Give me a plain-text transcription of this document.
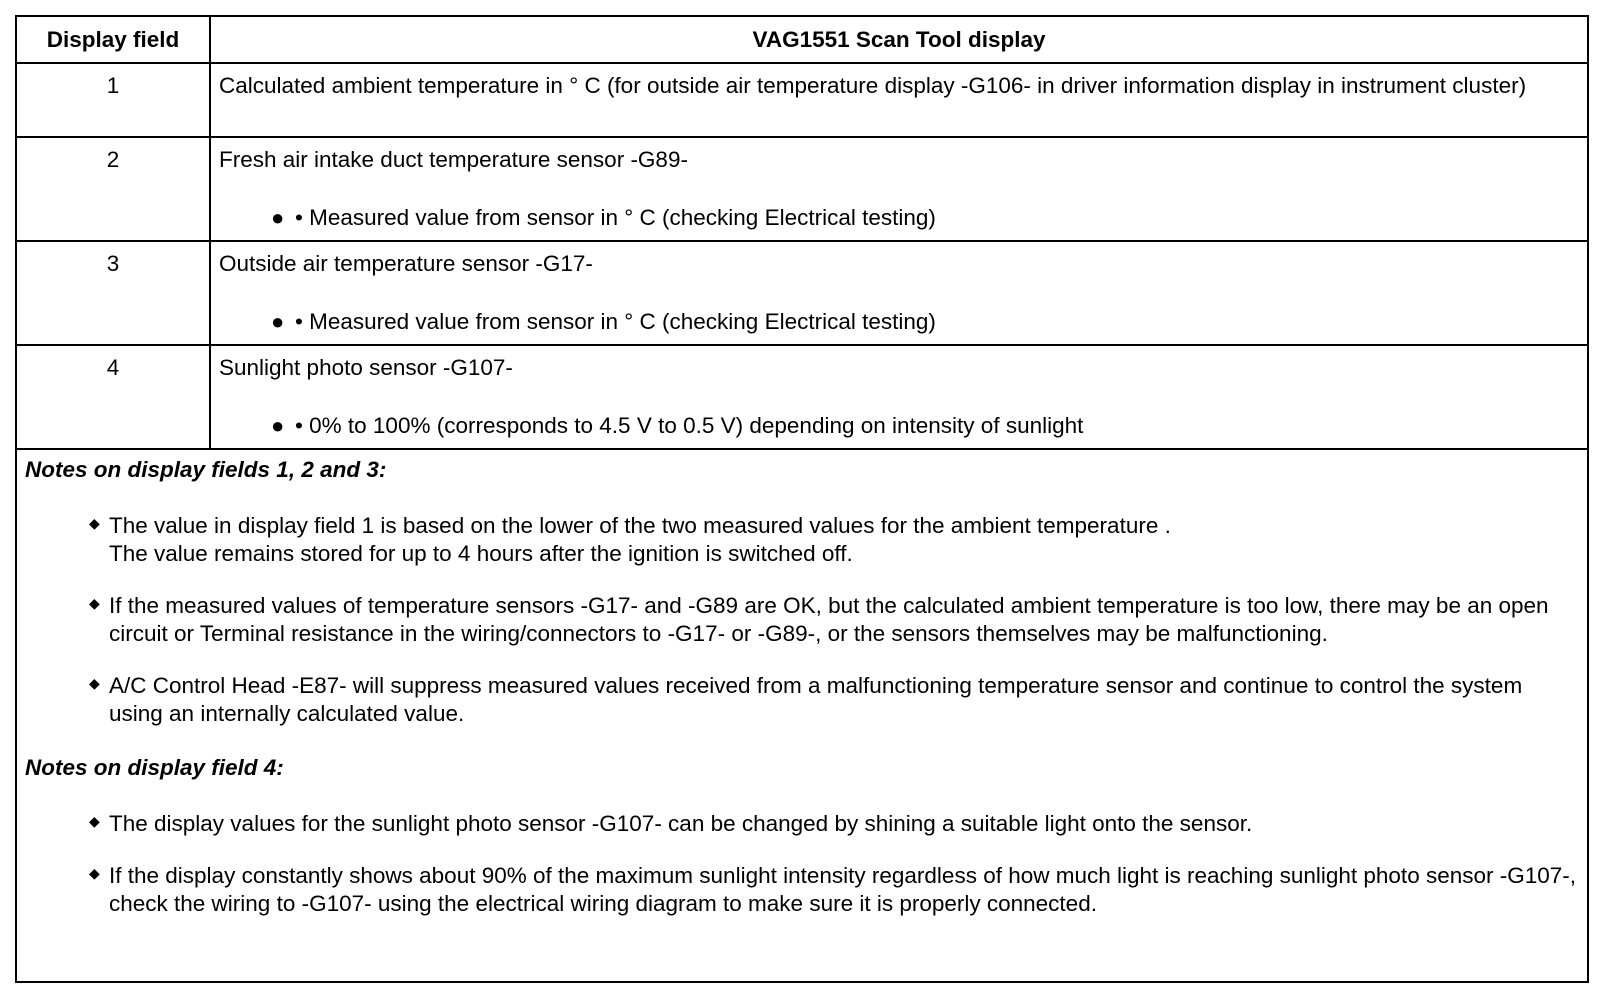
Display field	VAG1551 Scan Tool display
1	Calculated ambient temperature in ° C (for outside air temperature display -G106- in driver information display in instrument cluster)

2	Fresh air intake duct temperature sensor -G89-
● • Measured value from sensor in ° C (checking Electrical testing)

3	Outside air temperature sensor -G17-
● • Measured value from sensor in ° C (checking Electrical testing)

4	Sunlight photo sensor -G107-
● • 0% to 100% (corresponds to 4.5 V to 0.5 V) depending on intensity of sunlight
Notes on display fields 1, 2 and 3:
◆ The value in display field 1 is based on the lower of the two measured values for the ambient temperature .
The value remains stored for up to 4 hours after the ignition is switched off.
◆ If the measured values of temperature sensors -G17- and -G89 are OK, but the calculated ambient temperature is too low, there may be an open circuit or Terminal resistance in the wiring/connectors to -G17- or -G89-, or the sensors themselves may be malfunctioning.
◆ A/C Control Head -E87- will suppress measured values received from a malfunctioning temperature sensor and continue to control the system using an internally calculated value.
Notes on display field 4:
◆ The display values for the sunlight photo sensor -G107- can be changed by shining a suitable light onto the sensor.
◆ If the display constantly shows about 90% of the maximum sunlight intensity regardless of how much light is reaching sunlight photo sensor -G107-, check the wiring to -G107- using the electrical wiring diagram to make sure it is properly connected.
